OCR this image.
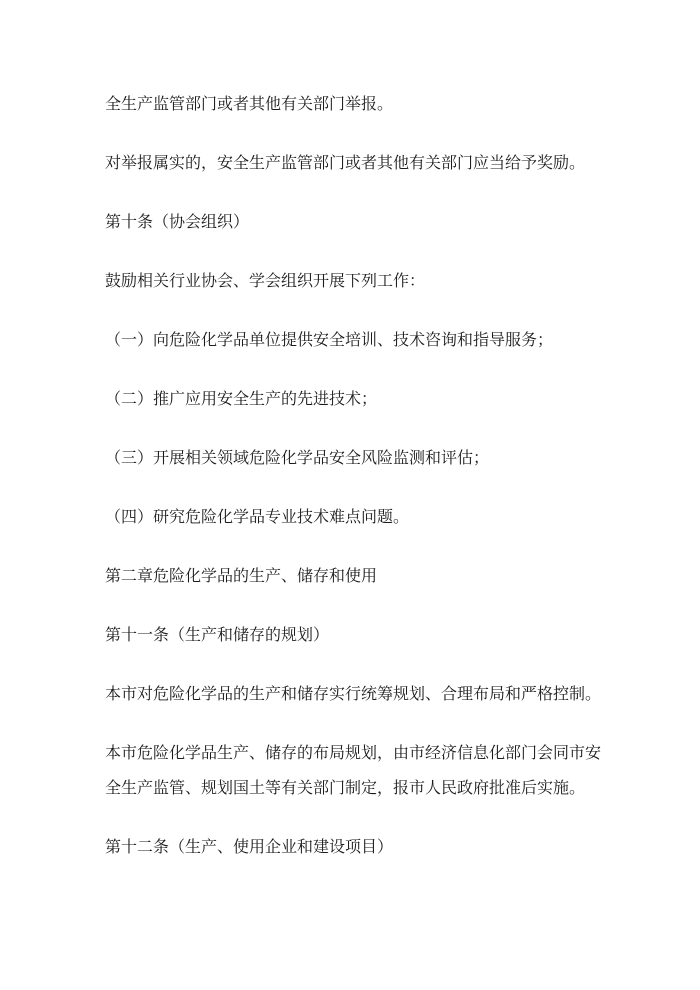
全生产监管部门或者其他有关部门举报。
对举报属实的，安全生产监管部门或者其他有关部门应当给予奖励。
第十条（协会组织）
鼓励相关行业协会、学会组织开展下列工作：
（一）向危险化学品单位提供安全培训、技术咨询和指导服务；
（二）推广应用安全生产的先进技术；
（三）开展相关领域危险化学品安全风险监测和评估；
（四）研究危险化学品专业技术难点问题。
第二章危险化学品的生产、储存和使用
第十一条（生产和储存的规划）
本市对危险化学品的生产和储存实行统筹规划、合理布局和严格控制。
本市危险化学品生产、储存的布局规划，由市经济信息化部门会同市安
全生产监管、规划国土等有关部门制定，报市人民政府批准后实施。
第十二条（生产、使用企业和建设项目）
